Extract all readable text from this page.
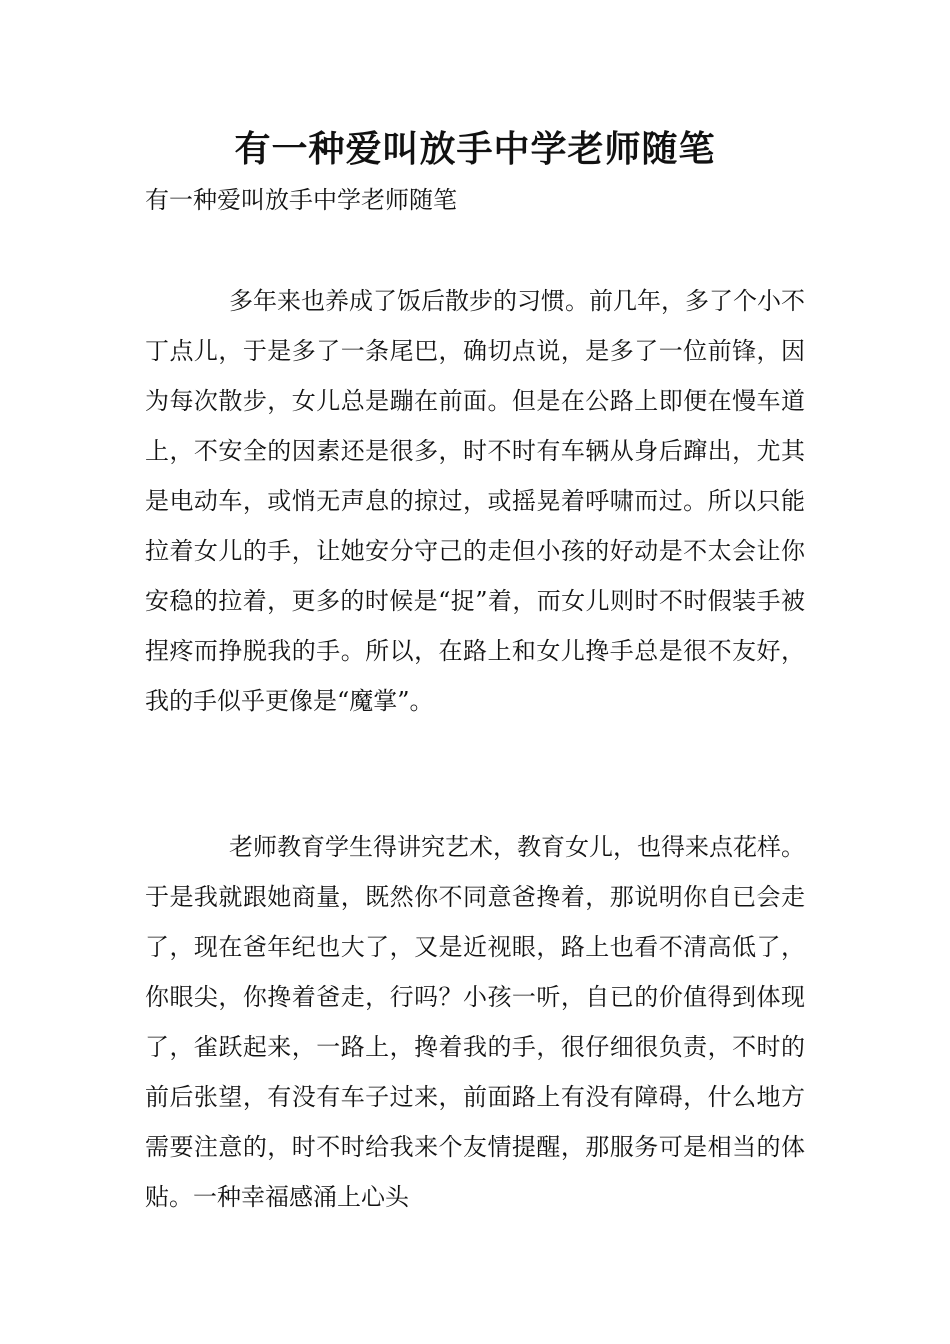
有一种爱叫放手中学老师随笔

有一种爱叫放手中学老师随笔

多年来也养成了饭后散步的习惯。前几年，多了个小不丁点儿，于是多了一条尾巴，确切点说，是多了一位前锋，因为每次散步，女儿总是蹦在前面。但是在公路上即便在慢车道上，不安全的因素还是很多，时不时有车辆从身后蹿出，尤其是电动车，或悄无声息的掠过，或摇晃着呼啸而过。所以只能拉着女儿的手，让她安分守己的走但小孩的好动是不太会让你安稳的拉着，更多的时候是“捉”着，而女儿则时不时假装手被捏疼而挣脱我的手。所以，在路上和女儿搀手总是很不友好，我的手似乎更像是“魔掌”。

老师教育学生得讲究艺术，教育女儿，也得来点花样。于是我就跟她商量，既然你不同意爸搀着，那说明你自已会走了，现在爸年纪也大了，又是近视眼，路上也看不清高低了，你眼尖，你搀着爸走，行吗？小孩一听，自已的价值得到体现了，雀跃起来，一路上，搀着我的手，很仔细很负责，不时的前后张望，有没有车子过来，前面路上有没有障碍，什么地方需要注意的，时不时给我来个友情提醒，那服务可是相当的体贴。一种幸福感涌上心头
